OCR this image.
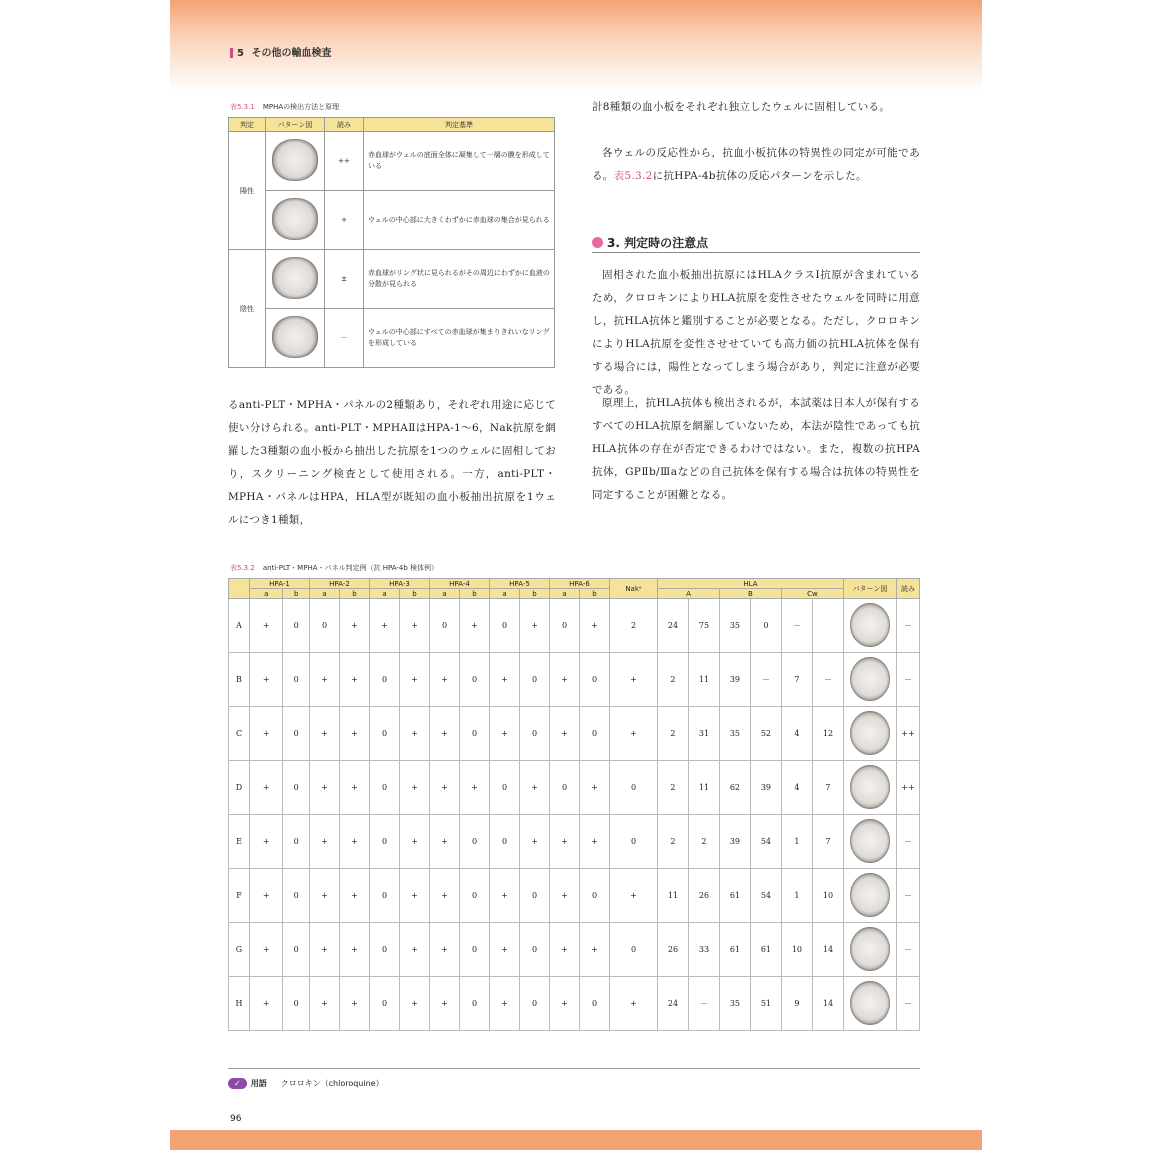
5 その他の輸血検査
表5.3.1 MPHAの検出方法と原理
判定	パターン図	読み	判定基準
陽性		++	赤血球がウェルの底面全体に凝集して一層の膜を形成している
		+	ウェルの中心部に大きくわずかに赤血球の集合が見られる
陰性		±	赤血球がリング状に見られるがその周辺にわずかに血液の分散が見られる
		－	ウェルの中心部にすべての赤血球が集まりきれいなリングを形成している
るanti-PLT・MPHA・パネルの2種類あり，それぞれ用途に応じて使い分けられる。anti-PLT・MPHAⅡはHPA-1〜6，Nak抗原を網羅した3種類の血小板から抽出した抗原を1つのウェルに固相しており，スクリーニング検査として使用される。一方，anti-PLT・MPHA・パネルはHPA，HLA型が既知の血小板抽出抗原を1ウェルにつき1種類，
計8種類の血小板をそれぞれ独立したウェルに固相している。
各ウェルの反応性から，抗血小板抗体の特異性の同定が可能である。表5.3.2に抗HPA-4b抗体の反応パターンを示した。
3. 判定時の注意点
固相された血小板抽出抗原にはHLAクラスⅠ抗原が含まれているため，クロロキンによりHLA抗原を変性させたウェルを同時に用意し，抗HLA抗体と鑑別することが必要となる。ただし，クロロキンによりHLA抗原を変性させせていても高力価の抗HLA抗体を保有する場合には，陽性となってしまう場合があり，判定に注意が必要である。
原理上，抗HLA抗体も検出されるが，本試薬は日本人が保有するすべてのHLA抗原を網羅していないため，本法が陰性であっても抗HLA抗体の存在が否定できるわけではない。また，複数の抗HPA抗体，GPⅡb/Ⅲaなどの自己抗体を保有する場合は抗体の特異性を同定することが困難となる。
表5.3.2 anti-PLT・MPHA・パネル判定例（抗 HPA-4b 検体例）
	HPA-1		HPA-2		HPA-3		HPA-4		HPA-5		HPA-6		Nakᵃ	HLA						パターン図	読み
	a	b	a	b	a	b	a	b	a	b	a	b		A		B		Cw			
A	+	0	0	+	+	+	0	+	0	+	0	+	2	24	75	35	0	－			－
B	+	0	+	+	0	+	+	0	+	0	+	0	+	2	11	39	－	7	－		－
C	+	0	+	+	0	+	+	0	+	0	+	0	+	2	31	35	52	4	12		++
D	+	0	+	+	0	+	+	+	0	+	0	+	0	2	11	62	39	4	7		++
E	+	0	+	+	0	+	+	0	0	+	+	+	0	2	2	39	54	1	7		－
F	+	0	+	+	0	+	+	0	+	0	+	0	+	11	26	61	54	1	10		－
G	+	0	+	+	0	+	+	0	+	0	+	+	0	26	33	61	61	10	14		－
H	+	0	+	+	0	+	+	0	+	0	+	0	+	24	－	35	51	9	14		－
✓ 用語 クロロキン（chloroquine）
96
